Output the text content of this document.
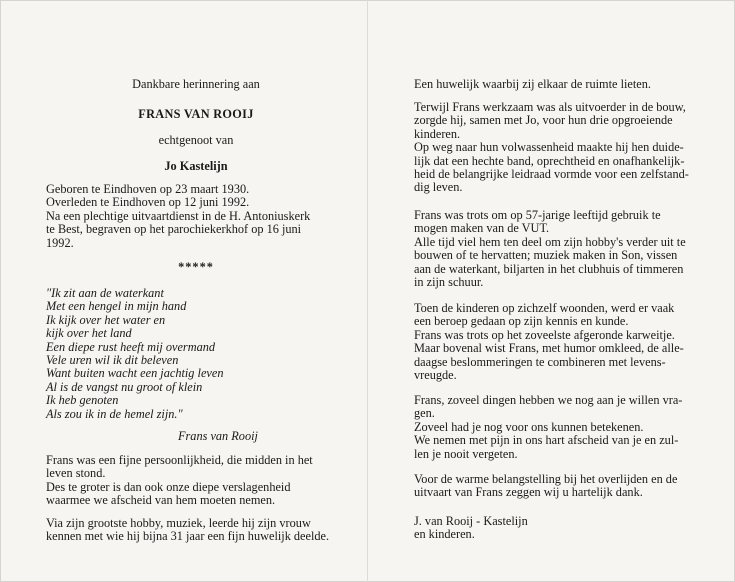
Dankbare herinnering aan
FRANS VAN ROOIJ
echtgenoot van
Jo Kastelijn
Geboren te Eindhoven op 23 maart 1930.
Overleden te Eindhoven op 12 juni 1992.
Na een plechtige uitvaartdienst in de H. Antoniuskerk
te Best, begraven op het parochiekerkhof op 16 juni
1992.
*****
"Ik zit aan de waterkant
Met een hengel in mijn hand
Ik kijk over het water en
kijk over het land
Een diepe rust heeft mij overmand
Vele uren wil ik dit beleven
Want buiten wacht een jachtig leven
Al is de vangst nu groot of klein
Ik heb genoten
Als zou ik in de hemel zijn."
Frans van Rooij
Frans was een fijne persoonlijkheid, die midden in het
leven stond.
Des te groter is dan ook onze diepe verslagenheid
waarmee we afscheid van hem moeten nemen.
Via zijn grootste hobby, muziek, leerde hij zijn vrouw
kennen met wie hij bijna 31 jaar een fijn huwelijk deelde.
Een huwelijk waarbij zij elkaar de ruimte lieten.
Terwijl Frans werkzaam was als uitvoerder in de bouw,
zorgde hij, samen met Jo, voor hun drie opgroeiende
kinderen.
Op weg naar hun volwassenheid maakte hij hen duide-
lijk dat een hechte band, oprechtheid en onafhankelijk-
heid de belangrijke leidraad vormde voor een zelfstand-
dig leven.
Frans was trots om op 57-jarige leeftijd gebruik te
mogen maken van de VUT.
Alle tijd viel hem ten deel om zijn hobby's verder uit te
bouwen of te hervatten; muziek maken in Son, vissen
aan de waterkant, biljarten in het clubhuis of timmeren
in zijn schuur.
Toen de kinderen op zichzelf woonden, werd er vaak
een beroep gedaan op zijn kennis en kunde.
Frans was trots op het zoveelste afgeronde karweitje.
Maar bovenal wist Frans, met humor omkleed, de alle-
daagse beslommeringen te combineren met levens-
vreugde.
Frans, zoveel dingen hebben we nog aan je willen vra-
gen.
Zoveel had je nog voor ons kunnen betekenen.
We nemen met pijn in ons hart afscheid van je en zul-
len je nooit vergeten.
Voor de warme belangstelling bij het overlijden en de
uitvaart van Frans zeggen wij u hartelijk dank.
J. van Rooij - Kastelijn
en kinderen.
